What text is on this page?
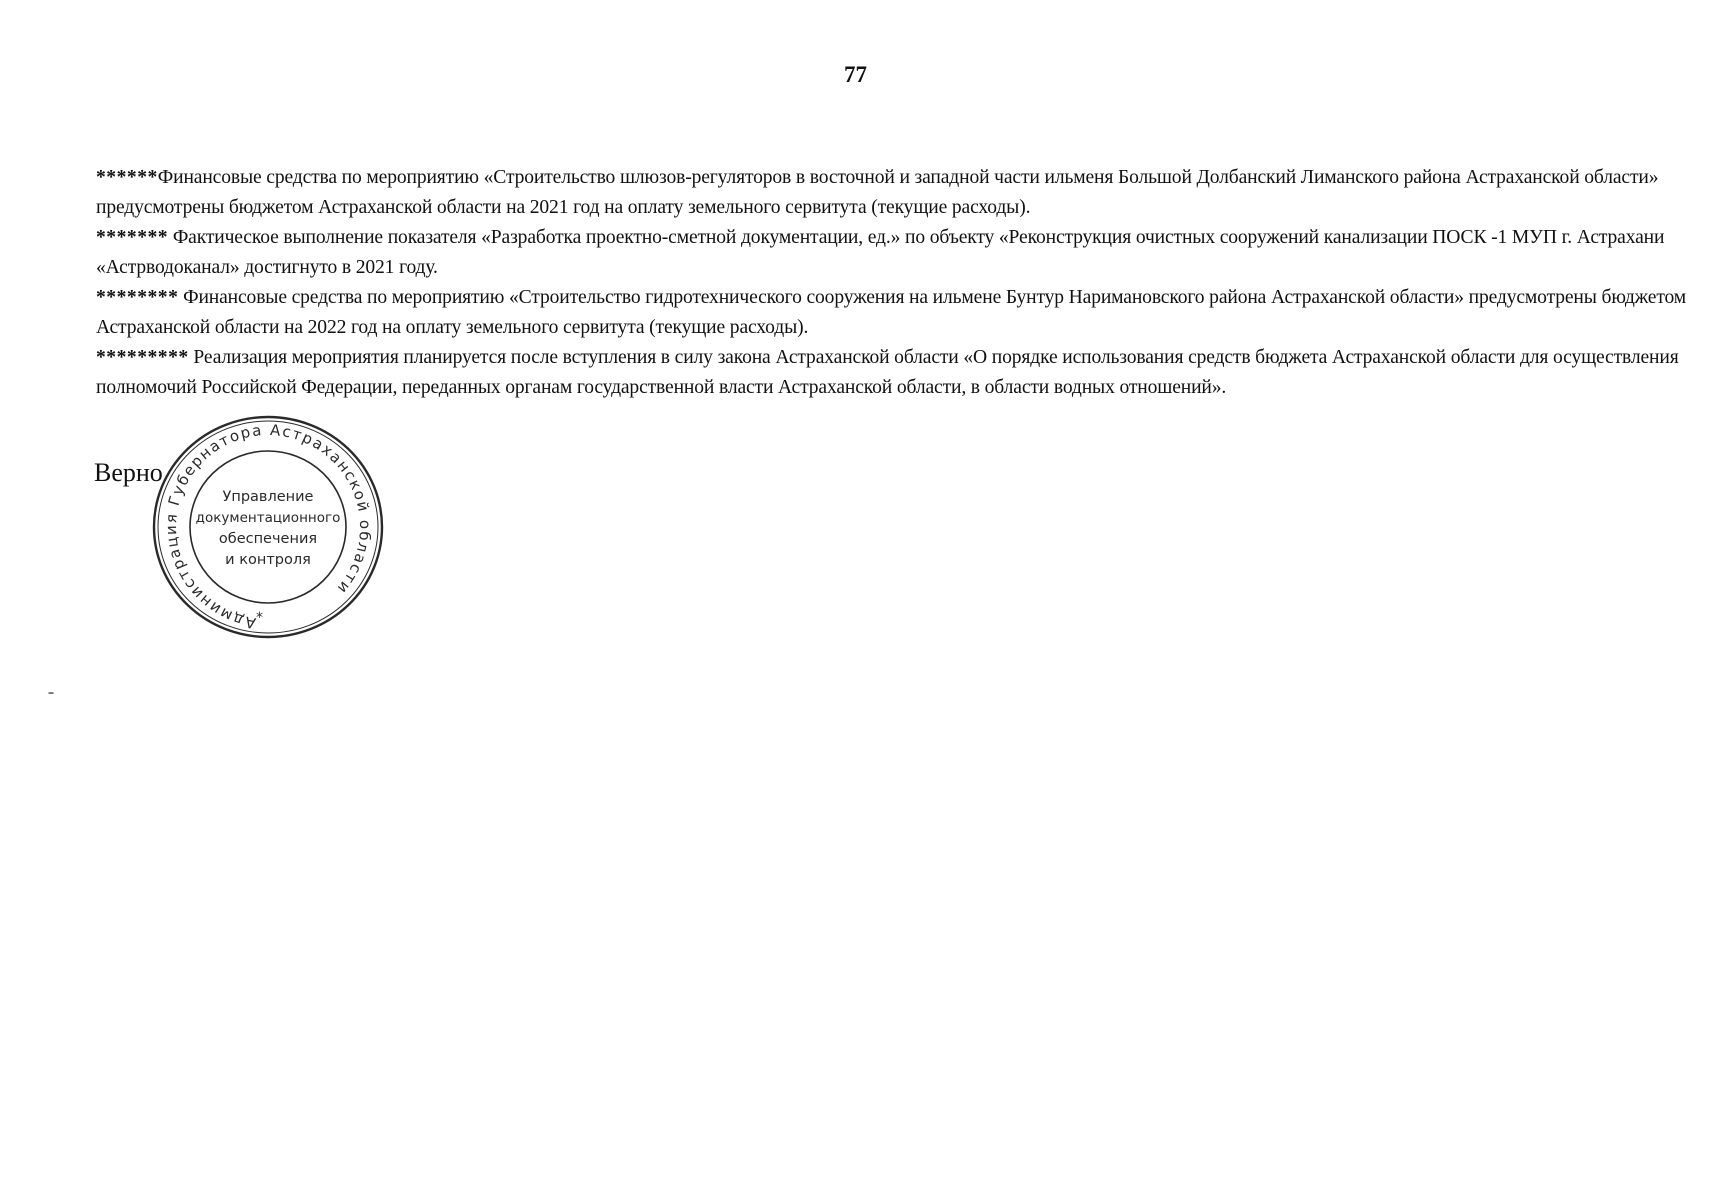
77

******Финансовые средства по мероприятию «Строительство шлюзов-регуляторов в восточной и западной части ильменя Большой Долбанский Лиманского района Астраханской области» предусмотрены бюджетом Астраханской области на 2021 год на оплату земельного сервитута (текущие расходы).

******* Фактическое выполнение показателя «Разработка проектно-сметной документации, ед.» по объекту «Реконструкция очистных сооружений канализации ПОСК -1 МУП г. Астрахани «Астрводоканал» достигнуто в 2021 году.

******** Финансовые средства по мероприятию «Строительство гидротехнического сооружения на ильмене Бунтур Наримановского района Астраханской области» предусмотрены бюджетом Астраханской области на 2022 год на оплату земельного сервитута (текущие расходы).

********* Реализация мероприятия планируется после вступления в силу закона Астраханской области «О порядке использования средств бюджета Астраханской области для осуществления полномочий Российской Федерации, переданных органам государственной власти Астраханской области, в области водных отношений».

Верно
Администрация Губернатора Астраханской области
*
Управление
документационного
обеспечения
и контроля
